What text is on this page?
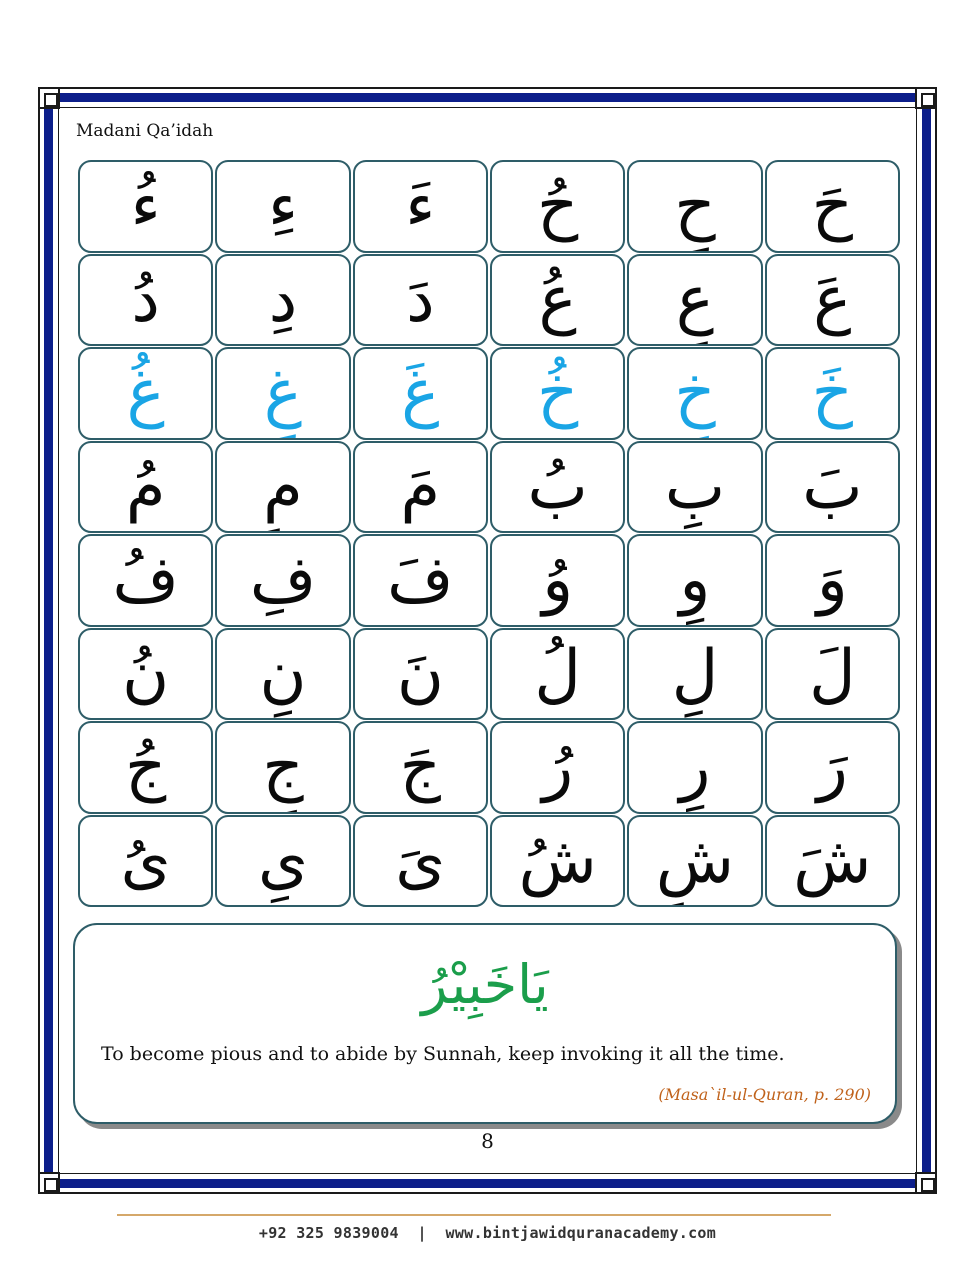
Madani Qa’idah
ء ء ء ح ح ح
د د د ع ع ع
غ غ غ خ خ خ
م م م ب ب ب
ف ف ف و و و
ن ن ن ل ل ل
ج ج ج ر ر ر
ی ی ی ش ش ش
یَاخَبِیْرُ
To become pious and to abide by Sunnah, keep invoking it all the time.
(Masa`il-ul-Quran, p. 290)
8
+92 325 9839004  |  www.bintjawidquranacademy.com
